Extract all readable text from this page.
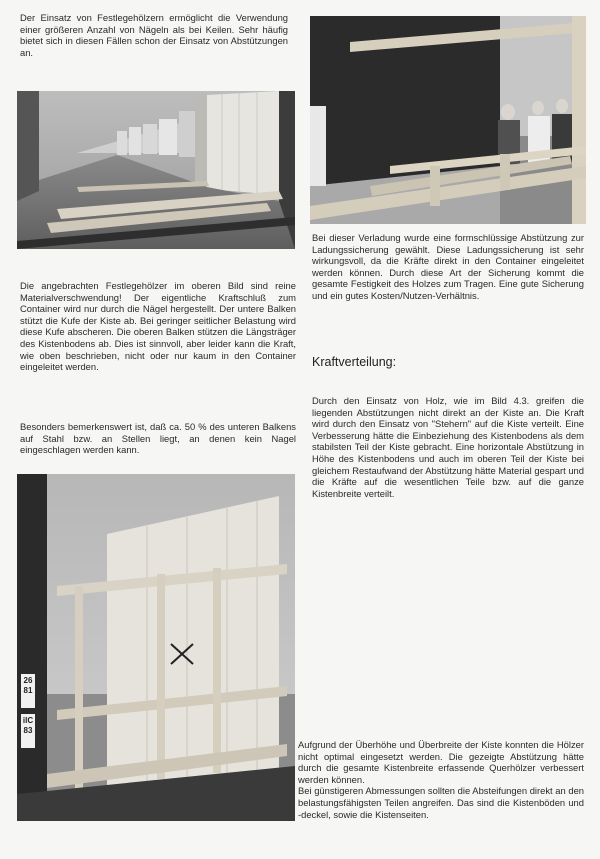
Der Einsatz von Festlegehölzern ermöglicht die Verwendung einer größeren Anzahl von Nägeln als bei Keilen. Sehr häufig bietet sich in diesen Fällen schon der Einsatz von Abstützungen an.

Die angebrachten Festlegehölzer im oberen Bild sind reine Materialverschwendung! Der eigentliche Kraftschluß zum Container wird nur durch die Nägel hergestellt. Der untere Balken stützt die Kufe der Kiste ab. Bei geringer seitlicher Belastung wird diese Kufe abscheren. Die oberen Balken stützen die Längsträger des Kistenbodens ab. Dies ist sinnvoll, aber leider kann die Kraft, wie oben beschrieben, nicht oder nur kaum in den Container eingeleitet werden.

Besonders bemerkenswert ist, daß ca. 50 % des unteren Balkens auf Stahl bzw. an Stellen liegt, an denen kein Nagel eingeschlagen werden kann.

26 81
ilC 83

Bei dieser Verladung wurde eine formschlüssige Abstützung zur Ladungssicherung gewählt. Diese Ladungssicherung ist sehr wirkungsvoll, da die Kräfte direkt in den Container eingeleitet werden können. Durch diese Art der Sicherung kommt die gesamte Festigkeit des Holzes zum Tragen. Eine gute Sicherung und ein gutes Kosten/Nutzen-Verhältnis.

Kraftverteilung:

Durch den Einsatz von Holz, wie im Bild 4.3. greifen die liegenden Abstützungen nicht direkt an der Kiste an. Die Kraft wird durch den Einsatz von "Stehern" auf die Kiste verteilt. Eine Verbesserung hätte die Einbeziehung des Kistenbodens als dem stabilsten Teil der Kiste gebracht. Eine horizontale Abstützung in Höhe des Kistenbodens und auch im oberen Teil der Kiste bei gleichem Restaufwand der Abstützung hätte Material gespart und die Kräfte auf die wesentlichen Teile bzw. auf die ganze Kistenbreite verteilt.

Aufgrund der Überhöhe und Überbreite der Kiste konnten die Hölzer nicht optimal eingesetzt werden. Die gezeigte Abstützung hätte durch die gesamte Kistenbreite erfassende Querhölzer verbessert werden können.
Bei günstigeren Abmessungen sollten die Absteifungen direkt an den belastungsfähigsten Teilen angreifen. Das sind die Kistenböden und -deckel, sowie die Kistenseiten.
